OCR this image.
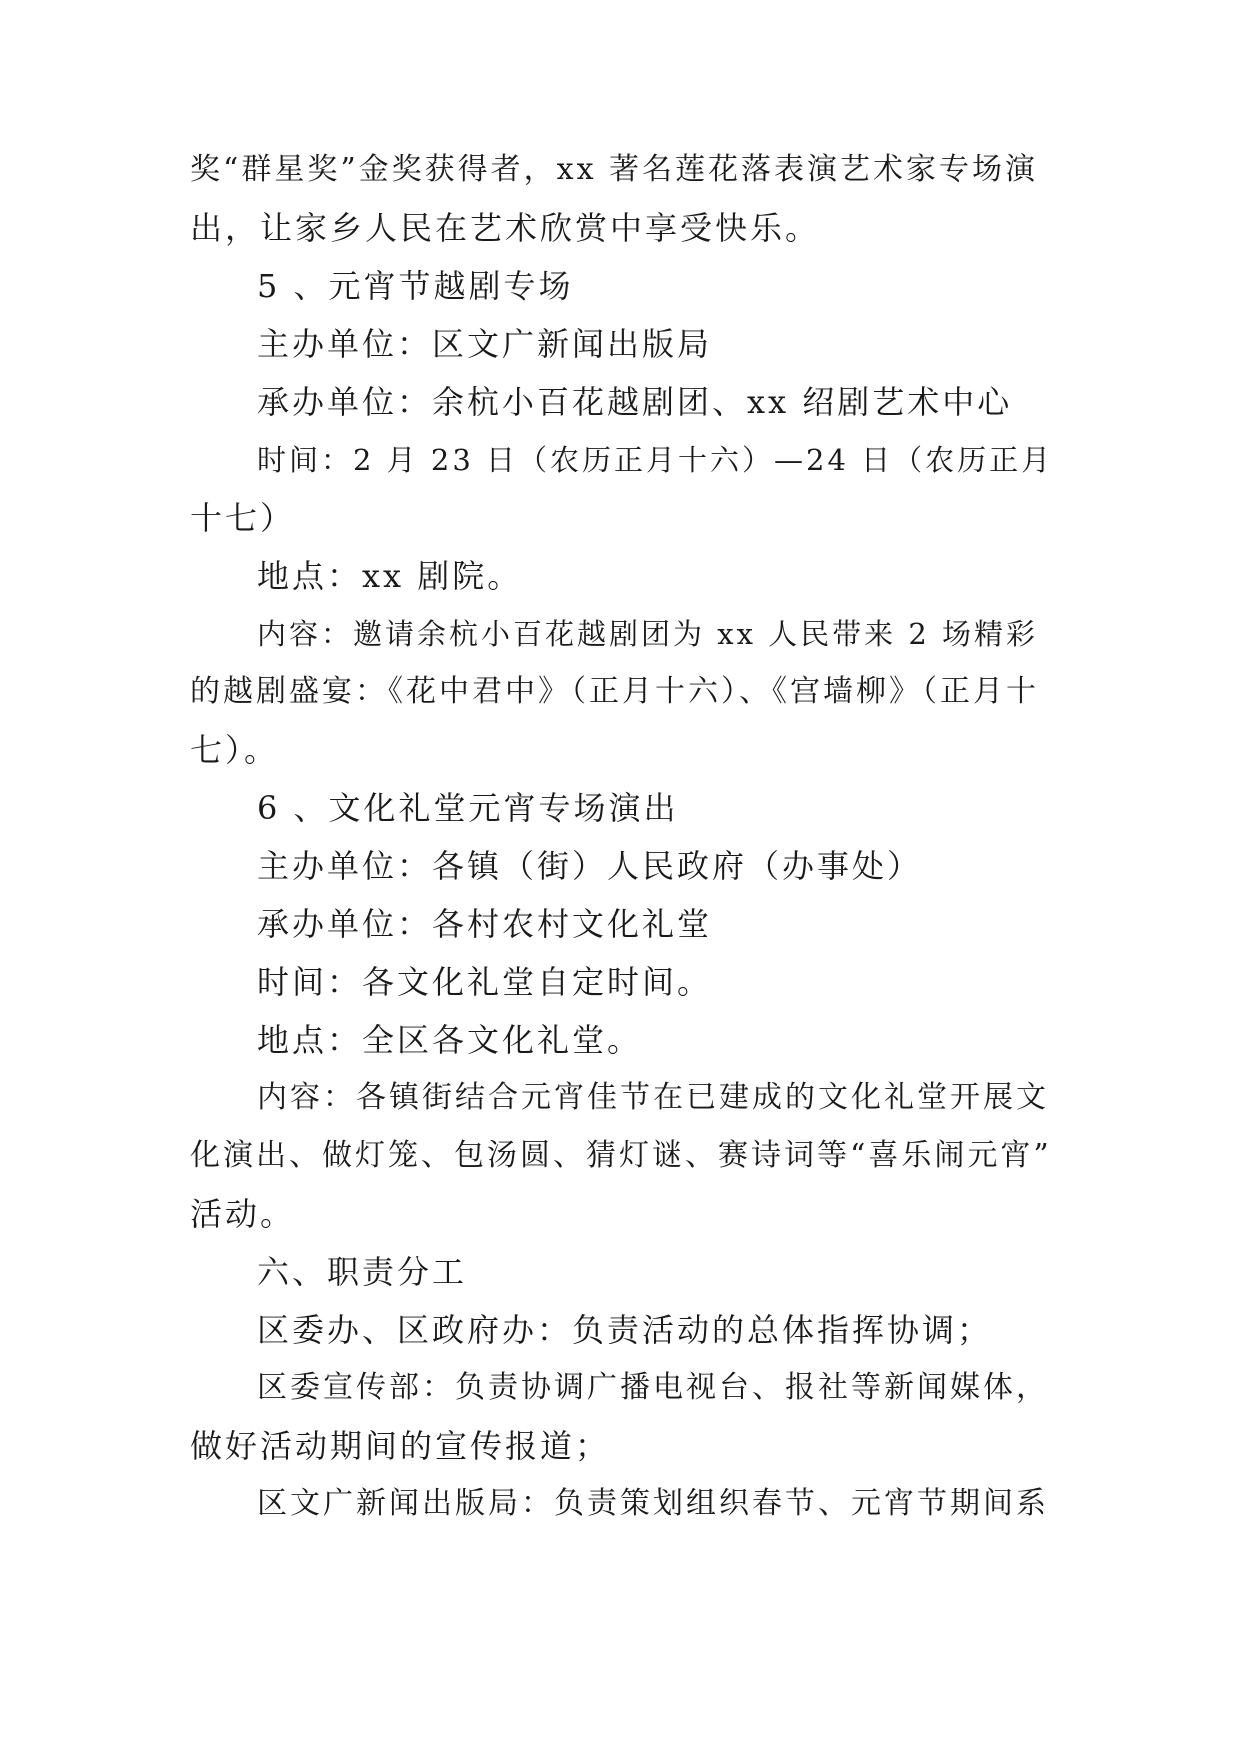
奖“群星奖”金奖获得者，xx 著名莲花落表演艺术家专场演
出，让家乡人民在艺术欣赏中享受快乐。
5 、元宵节越剧专场
主办单位：区文广新闻出版局
承办单位：余杭小百花越剧团、xx 绍剧艺术中心
时间：2 月 23 日（农历正月十六）—24 日（农历正月
十七）
地点：xx 剧院。
内容：邀请余杭小百花越剧团为 xx 人民带来 2 场精彩
的越剧盛宴：《花中君中》（正月十六）、《宫墙柳》（正月十
七）。
6 、文化礼堂元宵专场演出
主办单位：各镇（街）人民政府（办事处）
承办单位：各村农村文化礼堂
时间：各文化礼堂自定时间。
地点：全区各文化礼堂。
内容：各镇街结合元宵佳节在已建成的文化礼堂开展文
化演出、做灯笼、包汤圆、猜灯谜、赛诗词等“喜乐闹元宵”
活动。
六、职责分工
区委办、区政府办：负责活动的总体指挥协调；
区委宣传部：负责协调广播电视台、报社等新闻媒体，
做好活动期间的宣传报道；
区文广新闻出版局：负责策划组织春节、元宵节期间系
